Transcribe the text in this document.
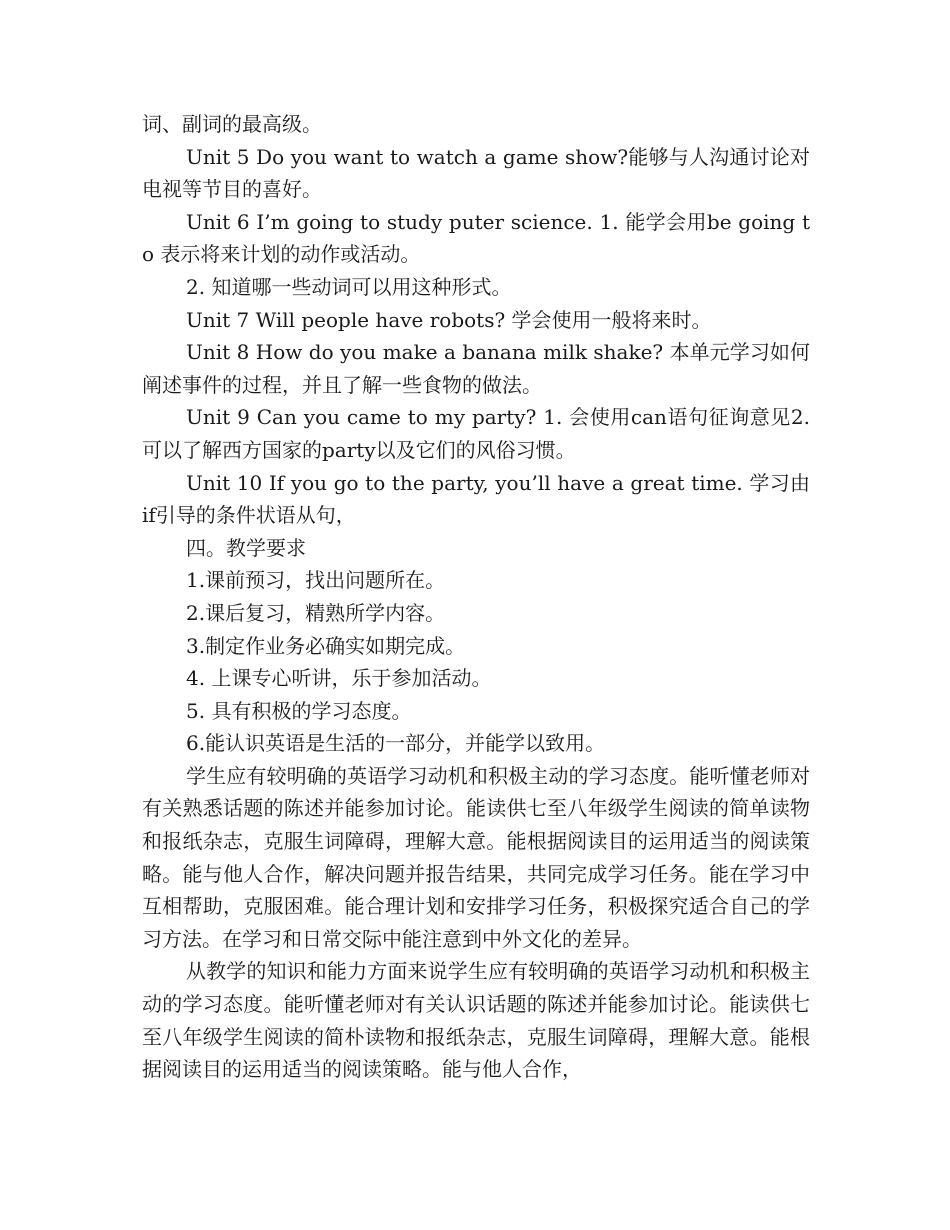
词、副词的最高级。

Unit 5 Do you want to watch a game show?能够与人沟通讨论对电视等节目的喜好。

Unit 6 I’m going to study puter science. 1. 能学会用be going to 表示将来计划的动作或活动。

2. 知道哪一些动词可以用这种形式。

Unit 7 Will people have robots? 学会使用一般将来时。

Unit 8 How do you make a banana milk shake? 本单元学习如何阐述事件的过程，并且了解一些食物的做法。

Unit 9 Can you came to my party? 1. 会使用can语句征询意见2. 可以了解西方国家的party以及它们的风俗习惯。

Unit 10 If you go to the party, you’ll have a great time. 学习由if引导的条件状语从句，

四。教学要求

1.课前预习，找出问题所在。

2.课后复习，精熟所学内容。

3.制定作业务必确实如期完成。

4. 上课专心听讲，乐于参加活动。

5. 具有积极的学习态度。

6.能认识英语是生活的一部分，并能学以致用。

学生应有较明确的英语学习动机和积极主动的学习态度。能听懂老师对有关熟悉话题的陈述并能参加讨论。能读供七至八年级学生阅读的简单读物和报纸杂志，克服生词障碍，理解大意。能根据阅读目的运用适当的阅读策略。能与他人合作，解决问题并报告结果，共同完成学习任务。能在学习中互相帮助，克服困难。能合理计划和安排学习任务，积极探究适合自己的学习方法。在学习和日常交际中能注意到中外文化的差异。

从教学的知识和能力方面来说学生应有较明确的英语学习动机和积极主动的学习态度。能听懂老师对有关认识话题的陈述并能参加讨论。能读供七至八年级学生阅读的简朴读物和报纸杂志，克服生词障碍，理解大意。能根据阅读目的运用适当的阅读策略。能与他人合作，
